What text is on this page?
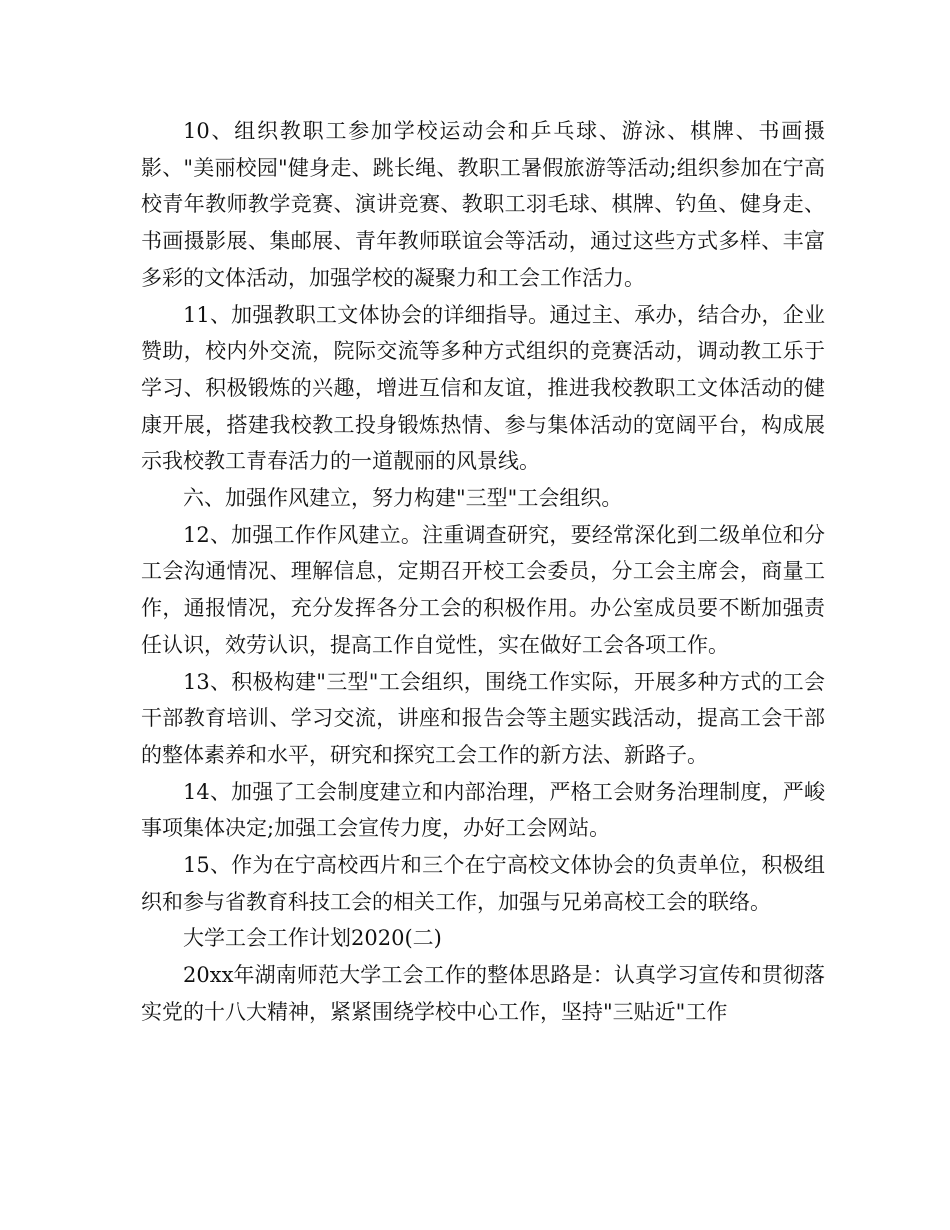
10、组织教职工参加学校运动会和乒乓球、游泳、棋牌、书画摄影、"美丽校园"健身走、跳长绳、教职工暑假旅游等活动;组织参加在宁高校青年教师教学竞赛、演讲竞赛、教职工羽毛球、棋牌、钓鱼、健身走、书画摄影展、集邮展、青年教师联谊会等活动，通过这些方式多样、丰富多彩的文体活动，加强学校的凝聚力和工会工作活力。

11、加强教职工文体协会的详细指导。通过主、承办，结合办，企业赞助，校内外交流，院际交流等多种方式组织的竞赛活动，调动教工乐于学习、积极锻炼的兴趣，增进互信和友谊，推进我校教职工文体活动的健康开展，搭建我校教工投身锻炼热情、参与集体活动的宽阔平台，构成展示我校教工青春活力的一道靓丽的风景线。

六、加强作风建立，努力构建"三型"工会组织。

12、加强工作作风建立。注重调查研究，要经常深化到二级单位和分工会沟通情况、理解信息，定期召开校工会委员，分工会主席会，商量工作，通报情况，充分发挥各分工会的积极作用。办公室成员要不断加强责任认识，效劳认识，提高工作自觉性，实在做好工会各项工作。

13、积极构建"三型"工会组织，围绕工作实际，开展多种方式的工会干部教育培训、学习交流，讲座和报告会等主题实践活动，提高工会干部的整体素养和水平，研究和探究工会工作的新方法、新路子。

14、加强了工会制度建立和内部治理，严格工会财务治理制度，严峻事项集体决定;加强工会宣传力度，办好工会网站。

15、作为在宁高校西片和三个在宁高校文体协会的负责单位，积极组织和参与省教育科技工会的相关工作，加强与兄弟高校工会的联络。

大学工会工作计划2020(二)

20xx年湖南师范大学工会工作的整体思路是：认真学习宣传和贯彻落实党的十八大精神，紧紧围绕学校中心工作，坚持"三贴近"工作
